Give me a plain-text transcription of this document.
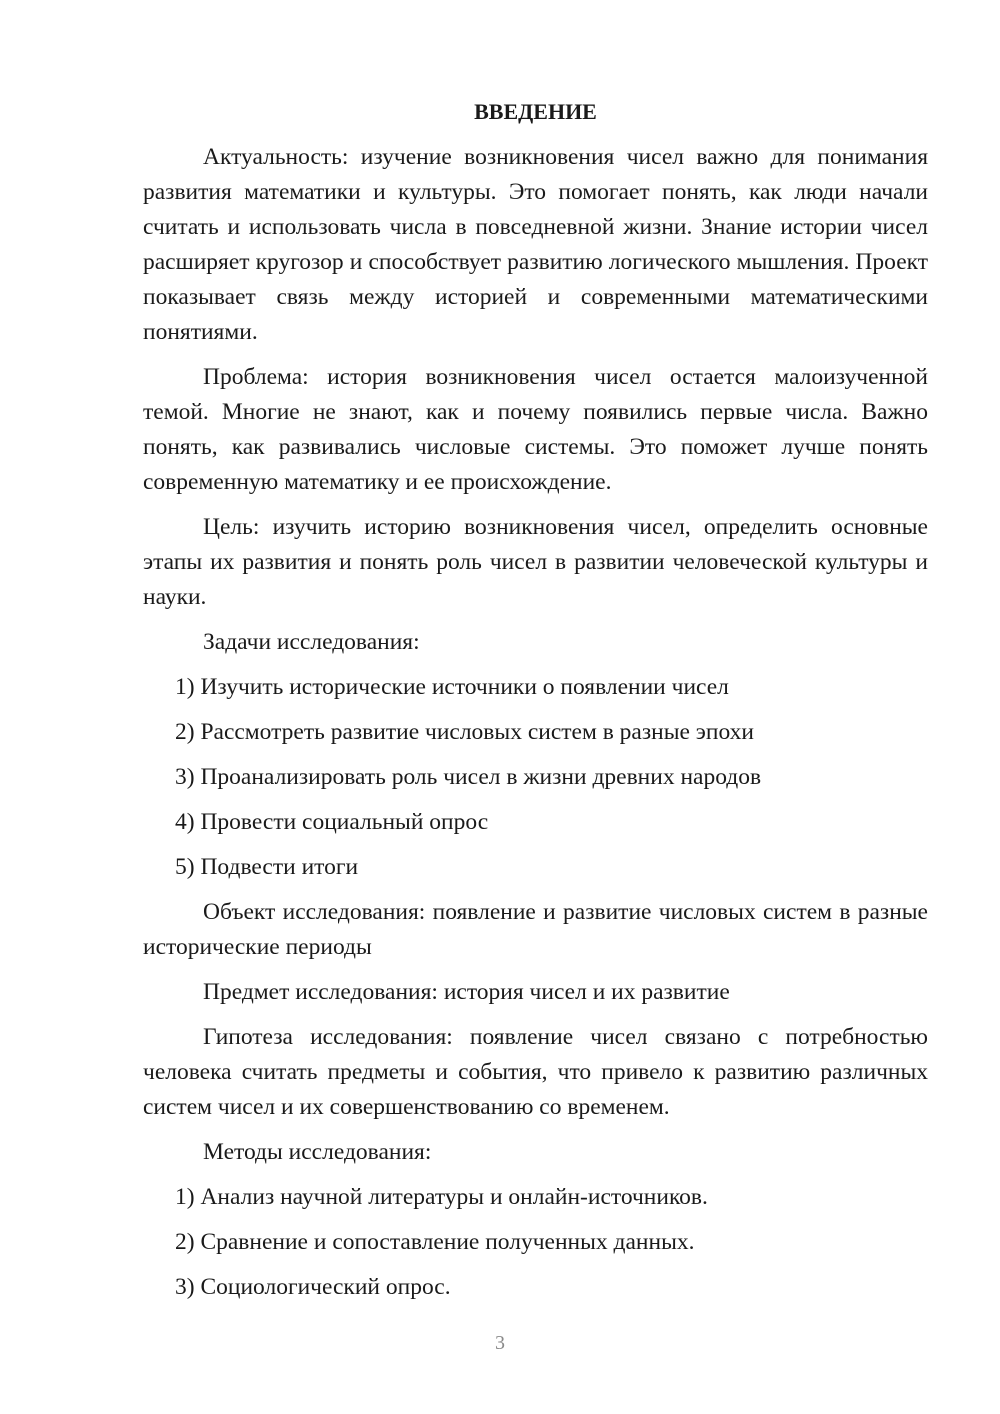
ВВЕДЕНИЕ
Актуальность: изучение возникновения чисел важно для понимания развития математики и культуры. Это помогает понять, как люди начали считать и использовать числа в повседневной жизни. Знание истории чисел расширяет кругозор и способствует развитию логического мышления. Проект показывает связь между историей и современными математическими понятиями.
Проблема: история возникновения чисел остается малоизученной темой. Многие не знают, как и почему появились первые числа. Важно понять, как развивались числовые системы. Это поможет лучше понять современную математику и ее происхождение.
Цель: изучить историю возникновения чисел, определить основные этапы их развития и понять роль чисел в развитии человеческой культуры и науки.
Задачи исследования:
1) Изучить исторические источники о появлении чисел
2) Рассмотреть развитие числовых систем в разные эпохи
3) Проанализировать роль чисел в жизни древних народов
4) Провести социальный опрос
5) Подвести итоги
Объект исследования: появление и развитие числовых систем в разные исторические периоды
Предмет исследования: история чисел и их развитие
Гипотеза исследования: появление чисел связано с потребностью человека считать предметы и события, что привело к развитию различных систем чисел и их совершенствованию со временем.
Методы исследования:
1) Анализ научной литературы и онлайн-источников.
2) Сравнение и сопоставление полученных данных.
3) Социологический опрос.
3
